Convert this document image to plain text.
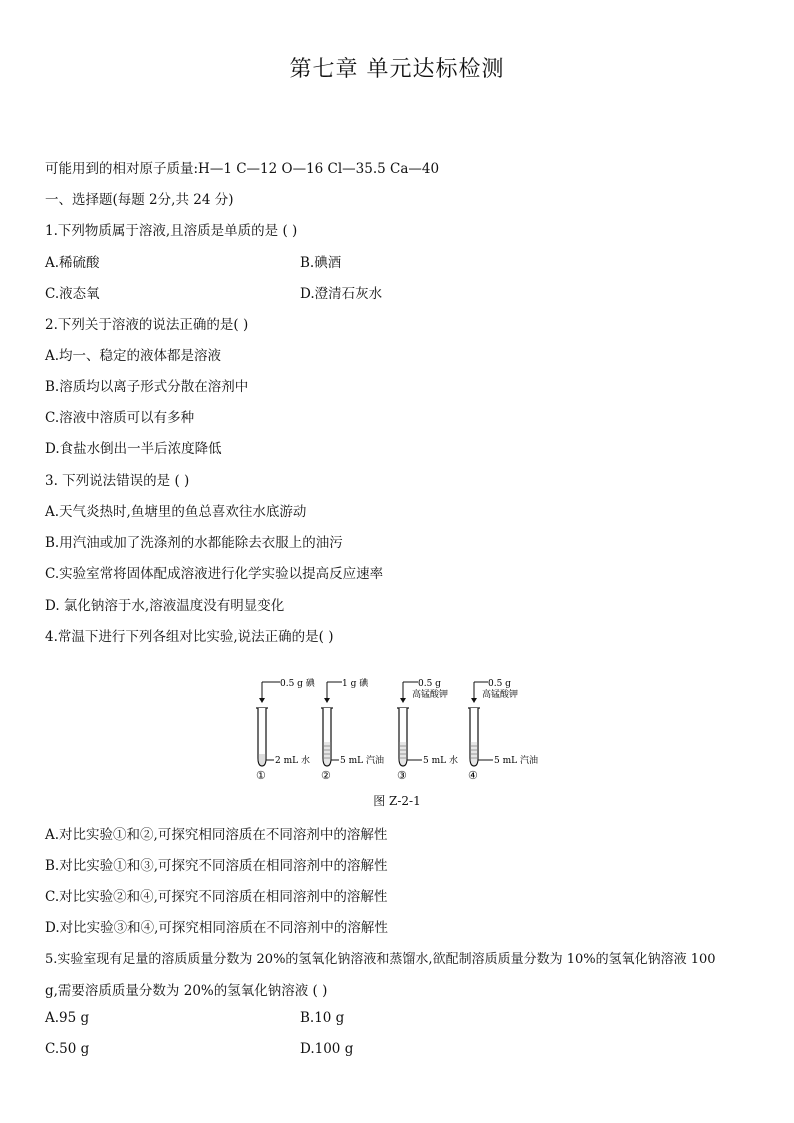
第七章 单元达标检测
可能用到的相对原子质量:H—1 C—12 O—16 Cl—35.5 Ca—40
一、选择题(每题 2分,共 24 分)
1.下列物质属于溶液,且溶质是单质的是 ( )
A.稀硫酸	B.碘酒
C.液态氧	D.澄清石灰水
2.下列关于溶液的说法正确的是( )
A.均一、稳定的液体都是溶液
B.溶质均以离子形式分散在溶剂中
C.溶液中溶质可以有多种
D.食盐水倒出一半后浓度降低
3. 下列说法错误的是 ( )
A.天气炎热时,鱼塘里的鱼总喜欢往水底游动
B.用汽油或加了洗涤剂的水都能除去衣服上的油污
C.实验室常将固体配成溶液进行化学实验以提高反应速率
D. 氯化钠溶于水,溶液温度没有明显变化
4.常温下进行下列各组对比实验,说法正确的是( )
0.5 g 碘
2 mL 水
①
1 g 碘
5 mL 汽油
②
0.5 g
高锰酸钾
5 mL 水
③
0.5 g
高锰酸钾
5 mL 汽油
④
图 Z-2-1
A.对比实验①和②,可探究相同溶质在不同溶剂中的溶解性
B.对比实验①和③,可探究不同溶质在相同溶剂中的溶解性
C.对比实验②和④,可探究不同溶质在相同溶剂中的溶解性
D.对比实验③和④,可探究相同溶质在不同溶剂中的溶解性
5.实验室现有足量的溶质质量分数为 20%的氢氧化钠溶液和蒸馏水,欲配制溶质质量分数为 10%的氢氧化钠溶液 100
g,需要溶质质量分数为 20%的氢氧化钠溶液 ( )
A.95 g	B.10 g
C.50 g	D.100 g
